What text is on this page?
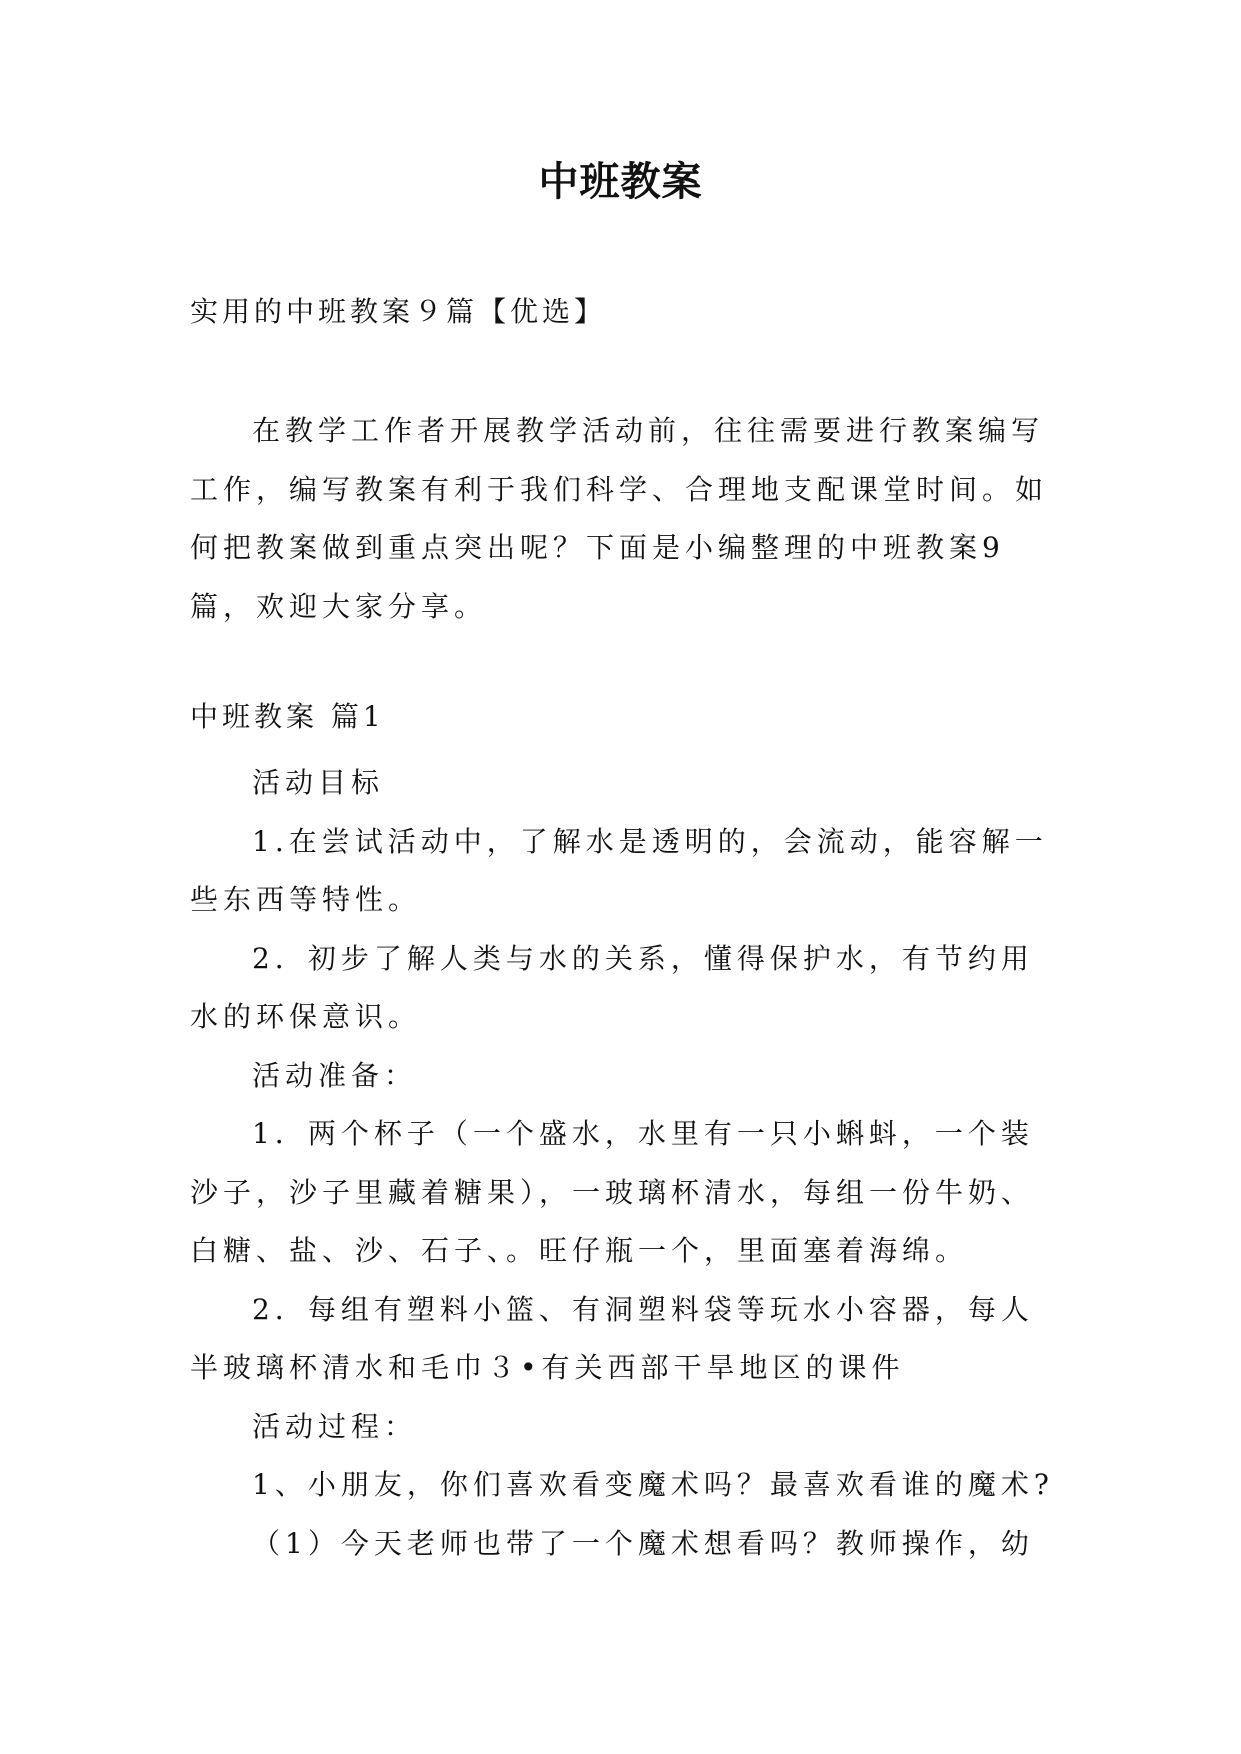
中班教案
实用的中班教案９篇【优选】
在教学工作者开展教学活动前，往往需要进行教案编写工作，编写教案有利于我们科学、合理地支配课堂时间。如何把教案做到重点突出呢？下面是小编整理的中班教案9篇，欢迎大家分享。
中班教案 篇1

活动目标

1.在尝试活动中，了解水是透明的，会流动，能容解一些东西等特性。

2．初步了解人类与水的关系，懂得保护水，有节约用水的环保意识。

活动准备：

1．两个杯子（一个盛水，水里有一只小蝌蚪，一个装沙子，沙子里藏着糖果），一玻璃杯清水，每组一份牛奶、白糖、盐、沙、石子、。旺仔瓶一个，里面塞着海绵。

2．每组有塑料小篮、有洞塑料袋等玩水小容器，每人半玻璃杯清水和毛巾３•有关西部干旱地区的课件

活动过程：

1、小朋友，你们喜欢看变魔术吗？最喜欢看谁的魔术?

（1）今天老师也带了一个魔术想看吗？教师操作，幼
